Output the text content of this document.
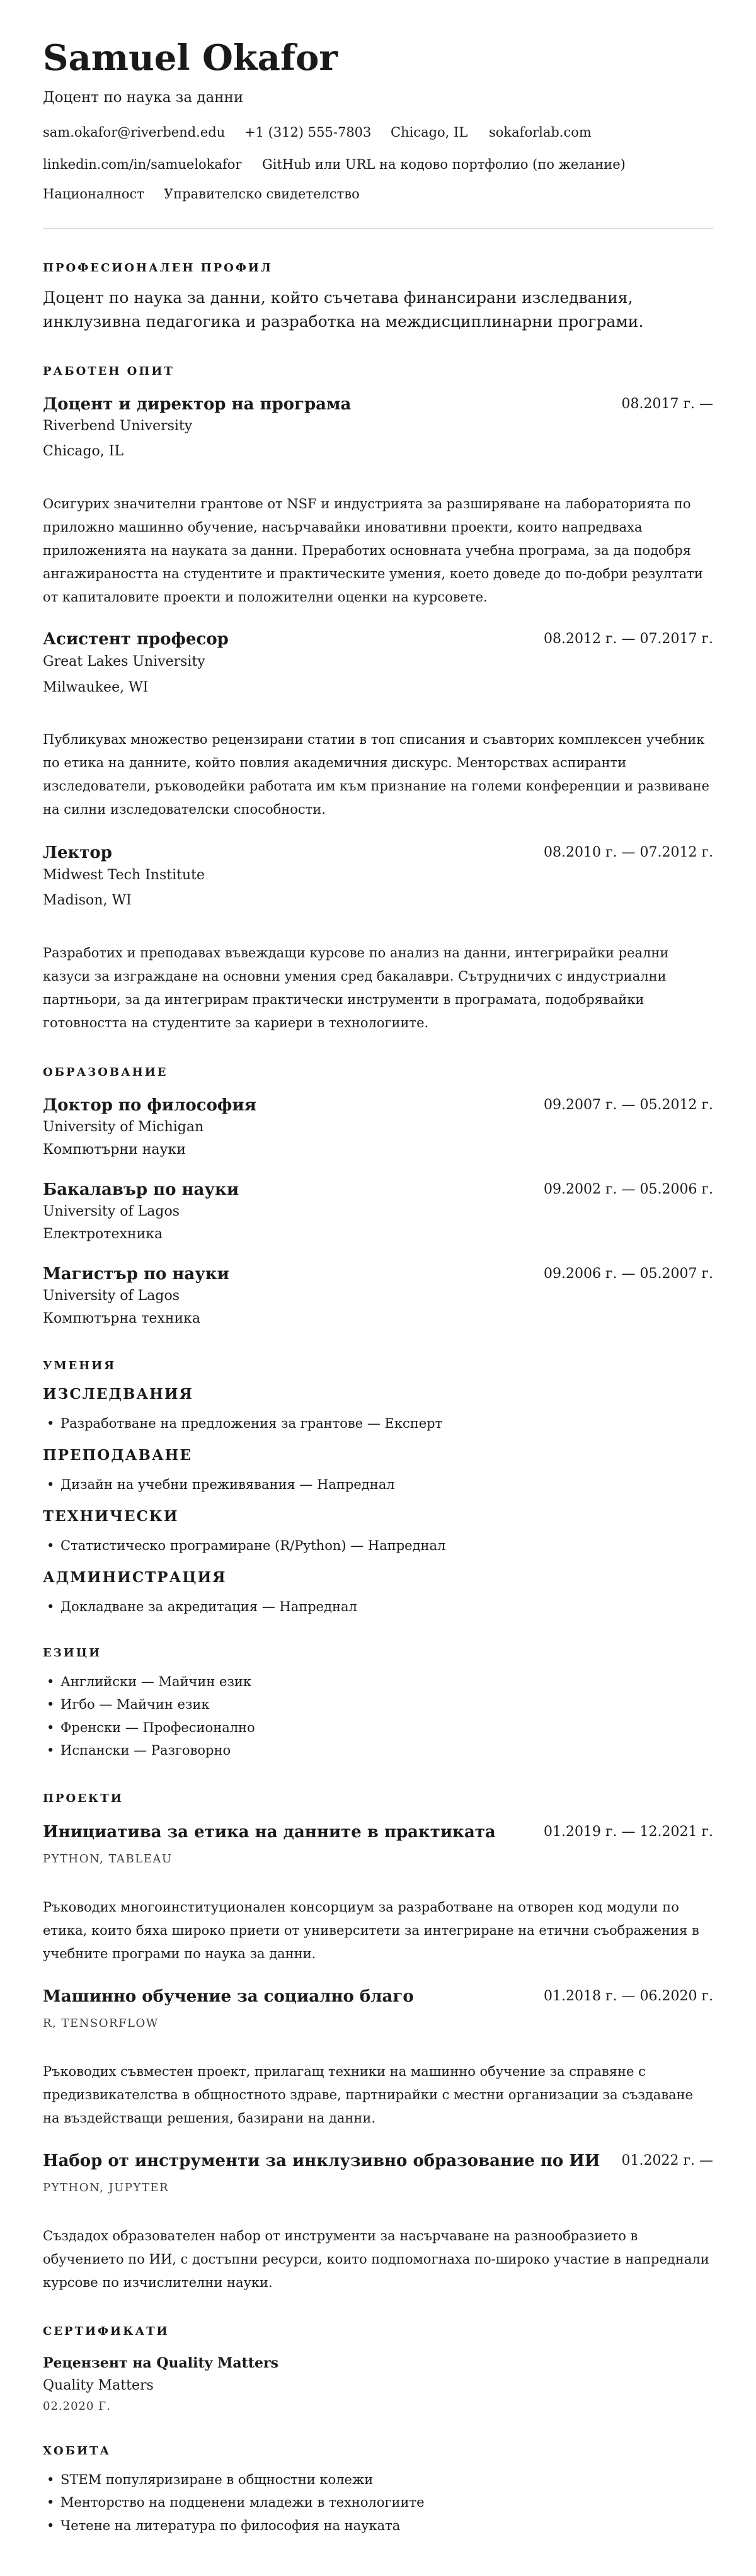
Samuel Okafor
Доцент по наука за данни
sam.okafor@riverbend.edu +1 (312) 555-7803 Chicago, IL sokaforlab.com
linkedin.com/in/samuelokafor GitHub или URL на кодово портфолио (по желание)
Националност Управителско свидетелство
ПРОФЕСИОНАЛЕН ПРОФИЛ
Доцент по наука за данни, който съчетава финансирани изследвания, инклузивна педагогика и разработка на междисциплинарни програми.
РАБОТЕН ОПИТ
Доцент и директор на програма	08.2017 г. —
Riverbend University
Chicago, IL
Осигурих значителни грантове от NSF и индустрията за разширяване на лабораторията по приложно машинно обучение, насърчавайки иновативни проекти, които напредваха приложенията на науката за данни. Преработих основната учебна програма, за да подобря ангажираността на студентите и практическите умения, което доведе до по-добри резултати от капиталовите проекти и положителни оценки на курсовете.
Асистент професор	08.2012 г. — 07.2017 г.
Great Lakes University
Milwaukee, WI
Публикувах множество рецензирани статии в топ списания и съавторих комплексен учебник по етика на данните, който повлия академичния дискурс. Менторствах аспиранти изследователи, ръководейки работата им към признание на големи конференции и развиване на силни изследователски способности.
Лектор	08.2010 г. — 07.2012 г.
Midwest Tech Institute
Madison, WI
Разработих и преподавах въвеждащи курсове по анализ на данни, интегрирайки реални казуси за изграждане на основни умения сред бакалаври. Сътрудничих с индустриални партньори, за да интегрирам практически инструменти в програмата, подобрявайки готовността на студентите за кариери в технологиите.
ОБРАЗОВАНИЕ
Доктор по философия	09.2007 г. — 05.2012 г.
University of Michigan
Компютърни науки
Бакалавър по науки	09.2002 г. — 05.2006 г.
University of Lagos
Електротехника
Магистър по науки	09.2006 г. — 05.2007 г.
University of Lagos
Компютърна техника
УМЕНИЯ
ИЗСЛЕДВАНИЯ
• Разработване на предложения за грантове — Експерт
ПРЕПОДАВАНЕ
• Дизайн на учебни преживявания — Напреднал
ТЕХНИЧЕСКИ
• Статистическо програмиране (R/Python) — Напреднал
АДМИНИСТРАЦИЯ
• Докладване за акредитация — Напреднал
ЕЗИЦИ
• Английски — Майчин език
• Игбо — Майчин език
• Френски — Професионално
• Испански — Разговорно
ПРОЕКТИ
Инициатива за етика на данните в практиката	01.2019 г. — 12.2021 г.
PYTHON, TABLEAU
Ръководих многоинституционален консорциум за разработване на отворен код модули по етика, които бяха широко приети от университети за интегриране на етични съображения в учебните програми по наука за данни.
Машинно обучение за социално благо	01.2018 г. — 06.2020 г.
R, TENSORFLOW
Ръководих съвместен проект, прилагащ техники на машинно обучение за справяне с предизвикателства в общностното здраве, партнирайки с местни организации за създаване на въздействащи решения, базирани на данни.
Набор от инструменти за инклузивно образование по ИИ 01.2022 г. —
PYTHON, JUPYTER
Създадох образователен набор от инструменти за насърчаване на разнообразието в обучението по ИИ, с достъпни ресурси, които подпомогнаха по-широко участие в напреднали курсове по изчислителни науки.
СЕРТИФИКАТИ
Рецензент на Quality Matters
Quality Matters
02.2020 Г.
ХОБИТА
• STEM популяризиране в общностни колежи
• Менторство на подценени младежи в технологиите
• Четене на литература по философия на науката
